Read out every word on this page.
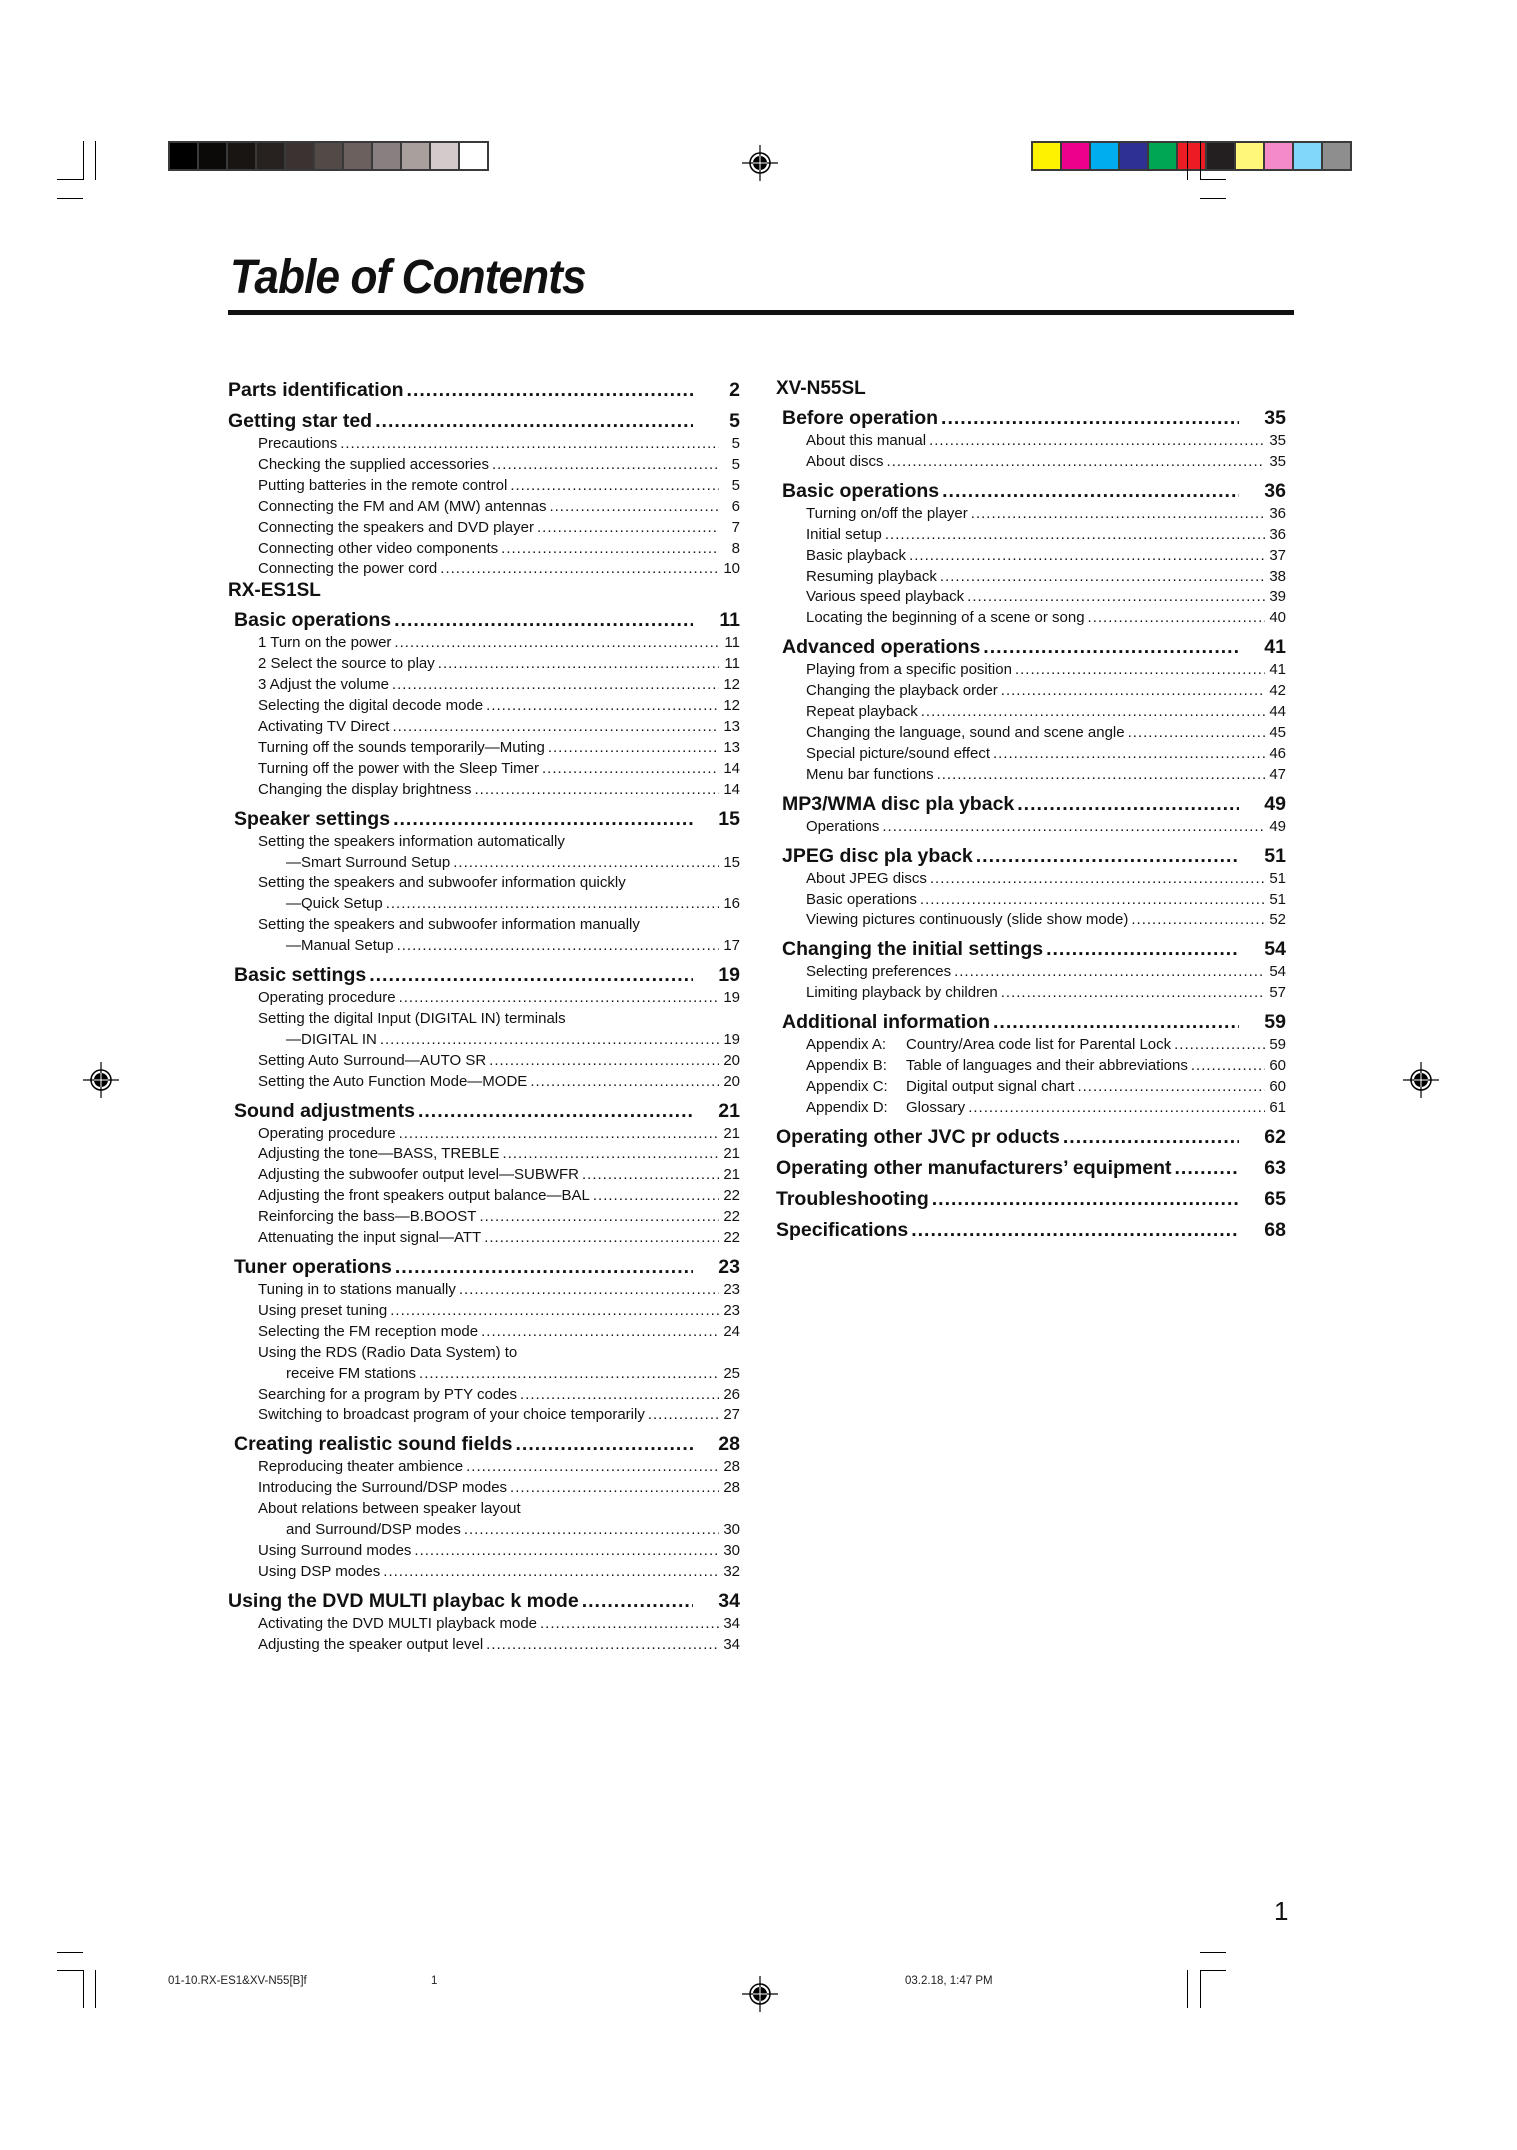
Table of Contents
Parts identification .....	2
Getting star ted .....	5
Precautions .....	5
Checking the supplied accessories .....	5
Putting batteries in the remote control .....	5
Connecting the FM and AM (MW) antennas .....	6
Connecting the speakers and DVD player .....	7
Connecting other video components .....	8
Connecting the power cord .....	10
RX-ES1SL
Basic operations .....	11
1 Turn on the power .....	11
2 Select the source to play .....	11
3 Adjust the volume .....	12
Selecting the digital decode mode .....	12
Activating TV Direct .....	13
Turning off the sounds temporarily—Muting .....	13
Turning off the power with the Sleep Timer .....	14
Changing the display brightness .....	14
Speaker settings .....	15
Setting the speakers information automatically
—Smart Surround Setup .....	15
Setting the speakers and subwoofer information quickly
—Quick Setup .....	16
Setting the speakers and subwoofer information manually
—Manual Setup .....	17
Basic settings .....	19
Operating procedure .....	19
Setting the digital Input (DIGITAL IN) terminals
—DIGITAL IN .....	19
Setting Auto Surround—AUTO SR .....	20
Setting the Auto Function Mode—MODE .....	20
Sound adjustments .....	21
Operating procedure .....	21
Adjusting the tone—BASS, TREBLE .....	21
Adjusting the subwoofer output level—SUBWFR .....	21
Adjusting the front speakers output balance—BAL .....	22
Reinforcing the bass—B.BOOST .....	22
Attenuating the input signal—ATT .....	22
Tuner operations .....	23
Tuning in to stations manually .....	23
Using preset tuning .....	23
Selecting the FM reception mode .....	24
Using the RDS (Radio Data System) to
receive FM stations .....	25
Searching for a program by PTY codes .....	26
Switching to broadcast program of your choice temporarily .....	27
Creating realistic sound fields .....	28
Reproducing theater ambience .....	28
Introducing the Surround/DSP modes .....	28
About relations between speaker layout
and Surround/DSP modes .....	30
Using Surround modes .....	30
Using DSP modes .....	32
Using the DVD MULTI playbac k mode .....	34
Activating the DVD MULTI playback mode .....	34
Adjusting the speaker output level .....	34
XV-N55SL
Before operation .....	35
About this manual .....	35
About discs .....	35
Basic operations .....	36
Turning on/off the player .....	36
Initial setup .....	36
Basic playback .....	37
Resuming playback .....	38
Various speed playback .....	39
Locating the beginning of a scene or song .....	40
Advanced operations .....	41
Playing from a specific position .....	41
Changing the playback order .....	42
Repeat playback .....	44
Changing the language, sound and scene angle .....	45
Special picture/sound effect .....	46
Menu bar functions .....	47
MP3/WMA disc pla yback .....	49
Operations .....	49
JPEG disc pla yback .....	51
About JPEG discs .....	51
Basic operations .....	51
Viewing pictures continuously (slide show mode) .....	52
Changing the initial settings .....	54
Selecting preferences .....	54
Limiting playback by children .....	57
Additional information .....	59
Appendix A: Country/Area code list for Parental Lock .....	59
Appendix B: Table of languages and their abbreviations .....	60
Appendix C: Digital output signal chart .....	60
Appendix D: Glossary .....	61
Operating other JVC pr oducts .....	62
Operating other manufacturers’ equipment .....	63
Troubleshooting .....	65
Specifications .....	68
1
01-10.RX-ES1&XV-N55[B]f	1	03.2.18, 1:47 PM
